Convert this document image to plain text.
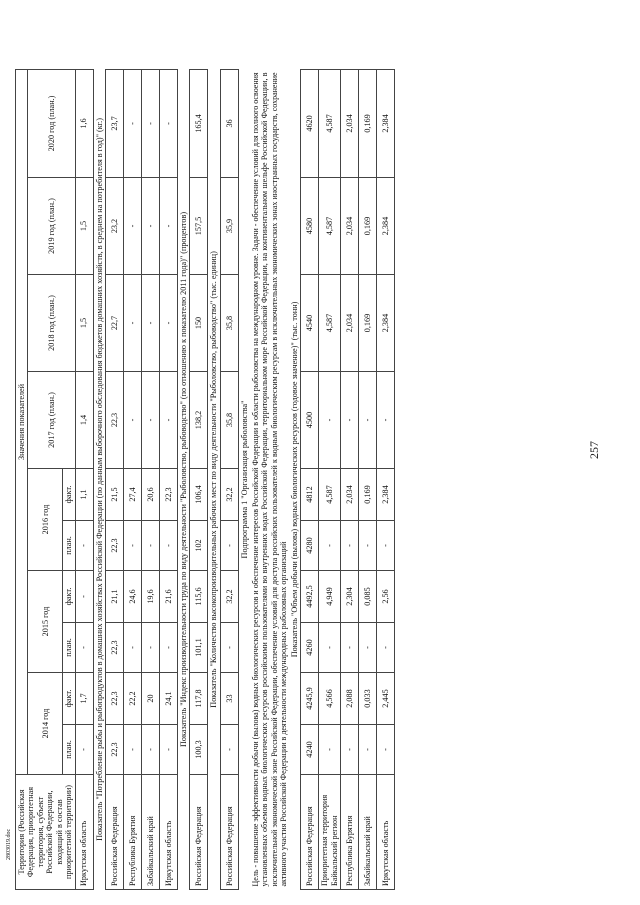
257
2803019.doc Территория (Российская Федерация, приоритетная территория, субъект Российской Федерации, входящий в состав приоритетной территории)	Значения показателей									
	2014 год		2015 год		2016 год		2017 год (план.)	2018 год (план.)	2019 год (план.)	2020 год (план.)
	план.	факт.	план.	факт.	план.	факт.				
Иркутская область	-	1,7	-	-	-	1,1	1,4	1,5	1,5	1,6
Показатель "Потребление рыбы и рыбопродуктов в домашних хозяйствах Российской Федерации (по данным выборочного обследования бюджетов домашних хозяйств, в среднем на потребителя в год)" (кг.)										
Российская Федерация	22,3	22,3	22,3	21,1	22,3	21,5	22,3	22,7	23,2	23,7
Республика Бурятия	-	22,2	-	24,6	-	27,4	-	-	-	-
Забайкальский край	-	20	-	19,6	-	20,6	-	-	-	-
Иркутская область	-	24,1	-	21,6	-	22,3	-	-	-	-
Показатель "Индекс производительности труда по виду деятельности "Рыболовство, рыбоводство" (по отношению к показателю 2011 года)" (процентов)										
Российская Федерация	100,3	117,8	101,1	115,6	102	106,4	138,2	150	157,5	165,4
Показатель "Количество высокопроизводительных рабочих мест по виду деятельности "Рыболовство, рыбоводство" (тыс. единиц)										
Российская Федерация	-	33	-	32,2	-	32,2	35,8	35,8	35,9	36
Подпрограмма 1 "Организация рыболовства"										
Цель - повышение эффективности добычи (вылова) водных биологических ресурсов и обеспечение интересов Российской Федерации в области рыболовства на международном уровне. Задачи - обеспечение условий для полного освоения установленных объемов водных биологических ресурсов российскими пользователями во внутренних водах Российской Федерации, территориальном море Российской Федерации, на континентальном шельфе Российской Федерации, в исключительной экономической зоне Российской Федерации, обеспечение условий для доступа российских пользователей к водным биологическим ресурсам в исключительных экономических зонах иностранных государств, сохранение активного участия Российской Федерации в деятельности международных рыболовных организаций										
Показатель "Объем добычи (вылова) водных биологических ресурсов (годовое значение)" (тыс. тонн)										
Российская Федерация	4240	4245,9	4260	4492,5	4280	4812	4500	4540	4580	4620
Приоритетная территория Байкальский регион	-	4,566	-	4,949	-	4,587	-	4,587	4,587	4,587
Республика Бурятия	-	2,088	-	2,304	-	2,034	-	2,034	2,034	2,034
Забайкальский край	-	0,033	-	0,085	-	0,169	-	0,169	0,169	0,169
Иркутская область	-	2,445	-	2,56	-	2,384	-	2,384	2,384	2,384
